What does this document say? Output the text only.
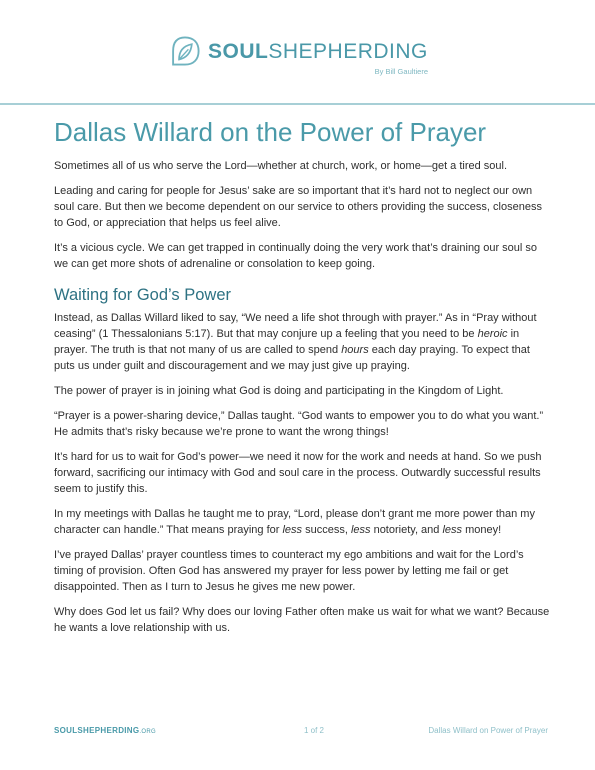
SOULSHEPHERDING
By Bill Gaultiere
Dallas Willard on the Power of Prayer

Sometimes all of us who serve the Lord—whether at church, work, or home—get a tired soul.

Leading and caring for people for Jesus’ sake are so important that it’s hard not to neglect our own soul care. But then we become dependent on our service to others providing the success, closeness to God, or appreciation that helps us feel alive.

It’s a vicious cycle. We can get trapped in continually doing the very work that’s draining our soul so we can get more shots of adrenaline or consolation to keep going.

Waiting for God’s Power

Instead, as Dallas Willard liked to say, “We need a life shot through with prayer.” As in “Pray without ceasing” (1 Thessalonians 5:17). But that may conjure up a feeling that you need to be heroic in prayer. The truth is that not many of us are called to spend hours each day praying. To expect that puts us under guilt and discouragement and we may just give up praying.

The power of prayer is in joining what God is doing and participating in the Kingdom of Light.

“Prayer is a power-sharing device,” Dallas taught. “God wants to empower you to do what you want.” He admits that’s risky because we’re prone to want the wrong things!

It’s hard for us to wait for God’s power—we need it now for the work and needs at hand. So we push forward, sacrificing our intimacy with God and soul care in the process. Outwardly successful results seem to justify this.

In my meetings with Dallas he taught me to pray, “Lord, please don’t grant me more power than my character can handle.” That means praying for less success, less notoriety, and less money!

I’ve prayed Dallas’ prayer countless times to counteract my ego ambitions and wait for the Lord’s timing of provision. Often God has answered my prayer for less power by letting me fail or get disappointed. Then as I turn to Jesus he gives me new power.

Why does God let us fail? Why does our loving Father often make us wait for what we want? Because he wants a love relationship with us.

SOULSHEPHERDING.ORG	1 of 2	Dallas Willard on Power of Prayer
